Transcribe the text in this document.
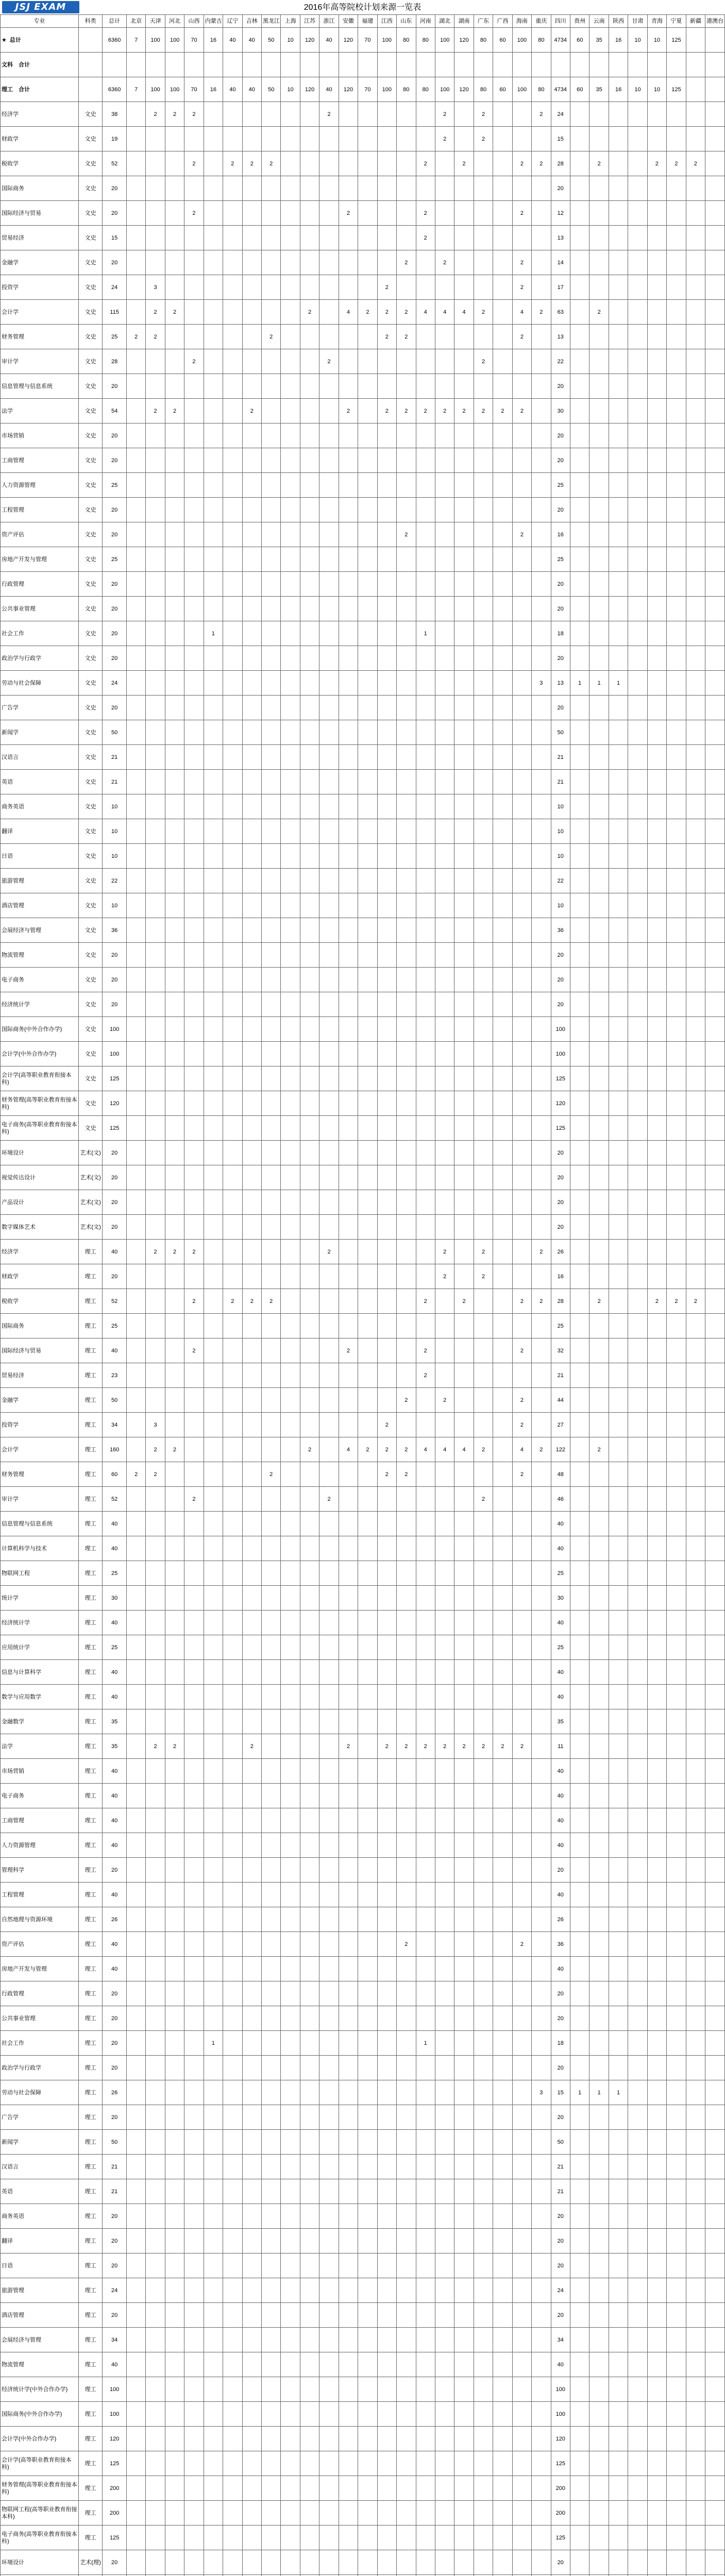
JSJ EXAM	2016年高等院校计划来源一览表
专业	科类	总计	北京	天津	河北	山西	内蒙古	辽宁	吉林	黑龙江	上海	江苏	浙江	安徽	福建	江西	山东	河南	湖北	湖南	广东	广西	海南	重庆	四川	贵州	云南	陕西	甘肃	青海	宁夏	新疆	港澳台
★ 总计		6360	7	100	100	70	16	40	40	50	10	120	40	120	70	100	80	80	100	120	80	60	100	80	4734	60	35	16	10	10	125		
文科　合计																																	
理工　合计		6360	7	100	100	70	16	40	40	50	10	120	40	120	70	100	80	80	100	120	80	60	100	80	4734	60	35	16	10	10	125		
经济学	文史	38		2	2	2							2						2		2			2	24								
财政学	文史	19																	2		2				15								
税收学	文史	52				2		2	2	2								2		2			2	2	28		2			2	2	2	
国际商务	文史	20																							20								
国际经济与贸易	文史	20				2								2				2					2		12								
贸易经济	文史	15																2							13								
金融学	文史	20															2		2				2		14								
投资学	文史	24		3												2							2		17								
会计学	文史	115		2	2							2		4	2	2	2	4	4	4	2		4	2	63		2						
财务管理	文史	25	2	2						2						2	2						2		13								
审计学	文史	28				2							2								2				22								
信息管理与信息系统	文史	20																							20								
法学	文史	54		2	2				2					2		2	2	2	2	2	2	2	2		30								
市场营销	文史	20																							20								
工商管理	文史	20																							20								
人力资源管理	文史	25																							25								
工程管理	文史	20																							20								
资产评估	文史	20															2						2		16								
房地产开发与管理	文史	25																							25								
行政管理	文史	20																							20								
公共事业管理	文史	20																							20								
社会工作	文史	20					1											1							18								
政治学与行政学	文史	20																							20								
劳动与社会保障	文史	24																						3	13	1	1	1					
广告学	文史	20																							20								
新闻学	文史	50																							50								
汉语言	文史	21																							21								
英语	文史	21																							21								
商务英语	文史	10																							10								
翻译	文史	10																							10								
日语	文史	10																							10								
旅游管理	文史	22																							22								
酒店管理	文史	10																							10								
会展经济与管理	文史	36																							36								
物流管理	文史	20																							20								
电子商务	文史	20																							20								
经济统计学	文史	20																							20								
国际商务(中外合作办学)	文史	100																							100								
会计学(中外合作办学)	文史	100																							100								
会计学(高等职业教育衔接本科)	文史	125																							125								
财务管理(高等职业教育衔接本科)	文史	120																							120								
电子商务(高等职业教育衔接本科)	文史	125																							125								
环境设计	艺术(文)	20																							20								
视觉传达设计	艺术(文)	20																							20								
产品设计	艺术(文)	20																							20								
数字媒体艺术	艺术(文)	20																							20								
经济学	理工	40		2	2	2							2						2		2			2	26								
财政学	理工	20																	2		2				16								
税收学	理工	52				2		2	2	2								2		2			2	2	28		2			2	2	2	
国际商务	理工	25																							25								
国际经济与贸易	理工	40				2								2				2					2		32								
贸易经济	理工	23																2							21								
金融学	理工	50															2		2				2		44								
投资学	理工	34		3												2							2		27								
会计学	理工	160		2	2							2		4	2	2	2	4	4	4	2		4	2	122		2						
财务管理	理工	60	2	2						2						2	2						2		48								
审计学	理工	52				2							2								2				46								
信息管理与信息系统	理工	40																							40								
计算机科学与技术	理工	40																							40								
物联网工程	理工	25																							25								
统计学	理工	30																							30								
经济统计学	理工	40																							40								
应用统计学	理工	25																							25								
信息与计算科学	理工	40																							40								
数学与应用数学	理工	40																							40								
金融数学	理工	35																							35								
法学	理工	35		2	2				2					2		2	2	2	2	2	2	2	2		11								
市场营销	理工	40																							40								
电子商务	理工	40																							40								
工商管理	理工	40																							40								
人力资源管理	理工	40																							40								
管理科学	理工	20																							20								
工程管理	理工	40																							40								
自然地理与资源环境	理工	26																							26								
资产评估	理工	40															2						2		36								
房地产开发与管理	理工	40																							40								
行政管理	理工	20																							20								
公共事业管理	理工	20																							20								
社会工作	理工	20					1											1							18								
政治学与行政学	理工	20																							20								
劳动与社会保障	理工	26																						3	15	1	1	1					
广告学	理工	20																							20								
新闻学	理工	50																							50								
汉语言	理工	21																							21								
英语	理工	21																							21								
商务英语	理工	20																							20								
翻译	理工	20																							20								
日语	理工	20																							20								
旅游管理	理工	24																							24								
酒店管理	理工	20																							20								
会展经济与管理	理工	34																							34								
物流管理	理工	40																							40								
经济统计学(中外合作办学)	理工	100																							100								
国际商务(中外合作办学)	理工	100																							100								
会计学(中外合作办学)	理工	120																							120								
会计学(高等职业教育衔接本科)	理工	125																							125								
财务管理(高等职业教育衔接本科)	理工	200																							200								
物联网工程(高等职业教育衔接本科)	理工	200																							200								
电子商务(高等职业教育衔接本科)	理工	125																							125								
环境设计	艺术(理)	20																							20								
